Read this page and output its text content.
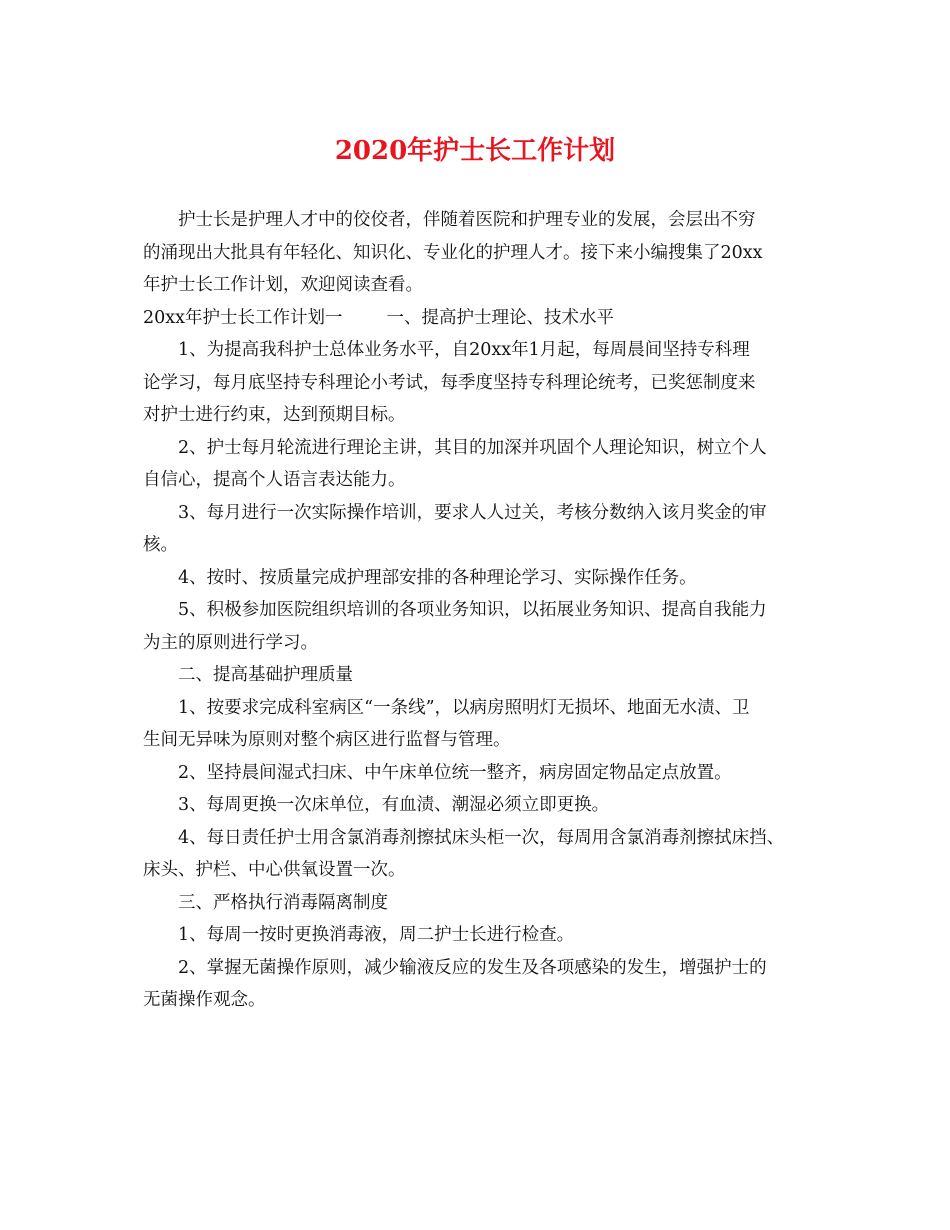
2020年护士长工作计划
护士长是护理人才中的佼佼者，伴随着医院和护理专业的发展，会层出不穷
的涌现出大批具有年轻化、知识化、专业化的护理人才。接下来小编搜集了20xx
年护士长工作计划，欢迎阅读查看。
20xx年护士长工作计划一	一、提高护士理论、技术水平
1、为提高我科护士总体业务水平，自20xx年1月起，每周晨间坚持专科理
论学习，每月底坚持专科理论小考试，每季度坚持专科理论统考，已奖惩制度来
对护士进行约束，达到预期目标。
2、护士每月轮流进行理论主讲，其目的加深并巩固个人理论知识，树立个人
自信心，提高个人语言表达能力。
3、每月进行一次实际操作培训，要求人人过关，考核分数纳入该月奖金的审
核。
4、按时、按质量完成护理部安排的各种理论学习、实际操作任务。
5、积极参加医院组织培训的各项业务知识，以拓展业务知识、提高自我能力
为主的原则进行学习。
二、提高基础护理质量
1、按要求完成科室病区“一条线”，以病房照明灯无损坏、地面无水渍、卫
生间无异味为原则对整个病区进行监督与管理。
2、坚持晨间湿式扫床、中午床单位统一整齐，病房固定物品定点放置。
3、每周更换一次床单位，有血渍、潮湿必须立即更换。
4、每日责任护士用含氯消毒剂擦拭床头柜一次，每周用含氯消毒剂擦拭床挡、
床头、护栏、中心供氧设置一次。
三、严格执行消毒隔离制度
1、每周一按时更换消毒液，周二护士长进行检查。
2、掌握无菌操作原则，减少输液反应的发生及各项感染的发生，增强护士的
无菌操作观念。
